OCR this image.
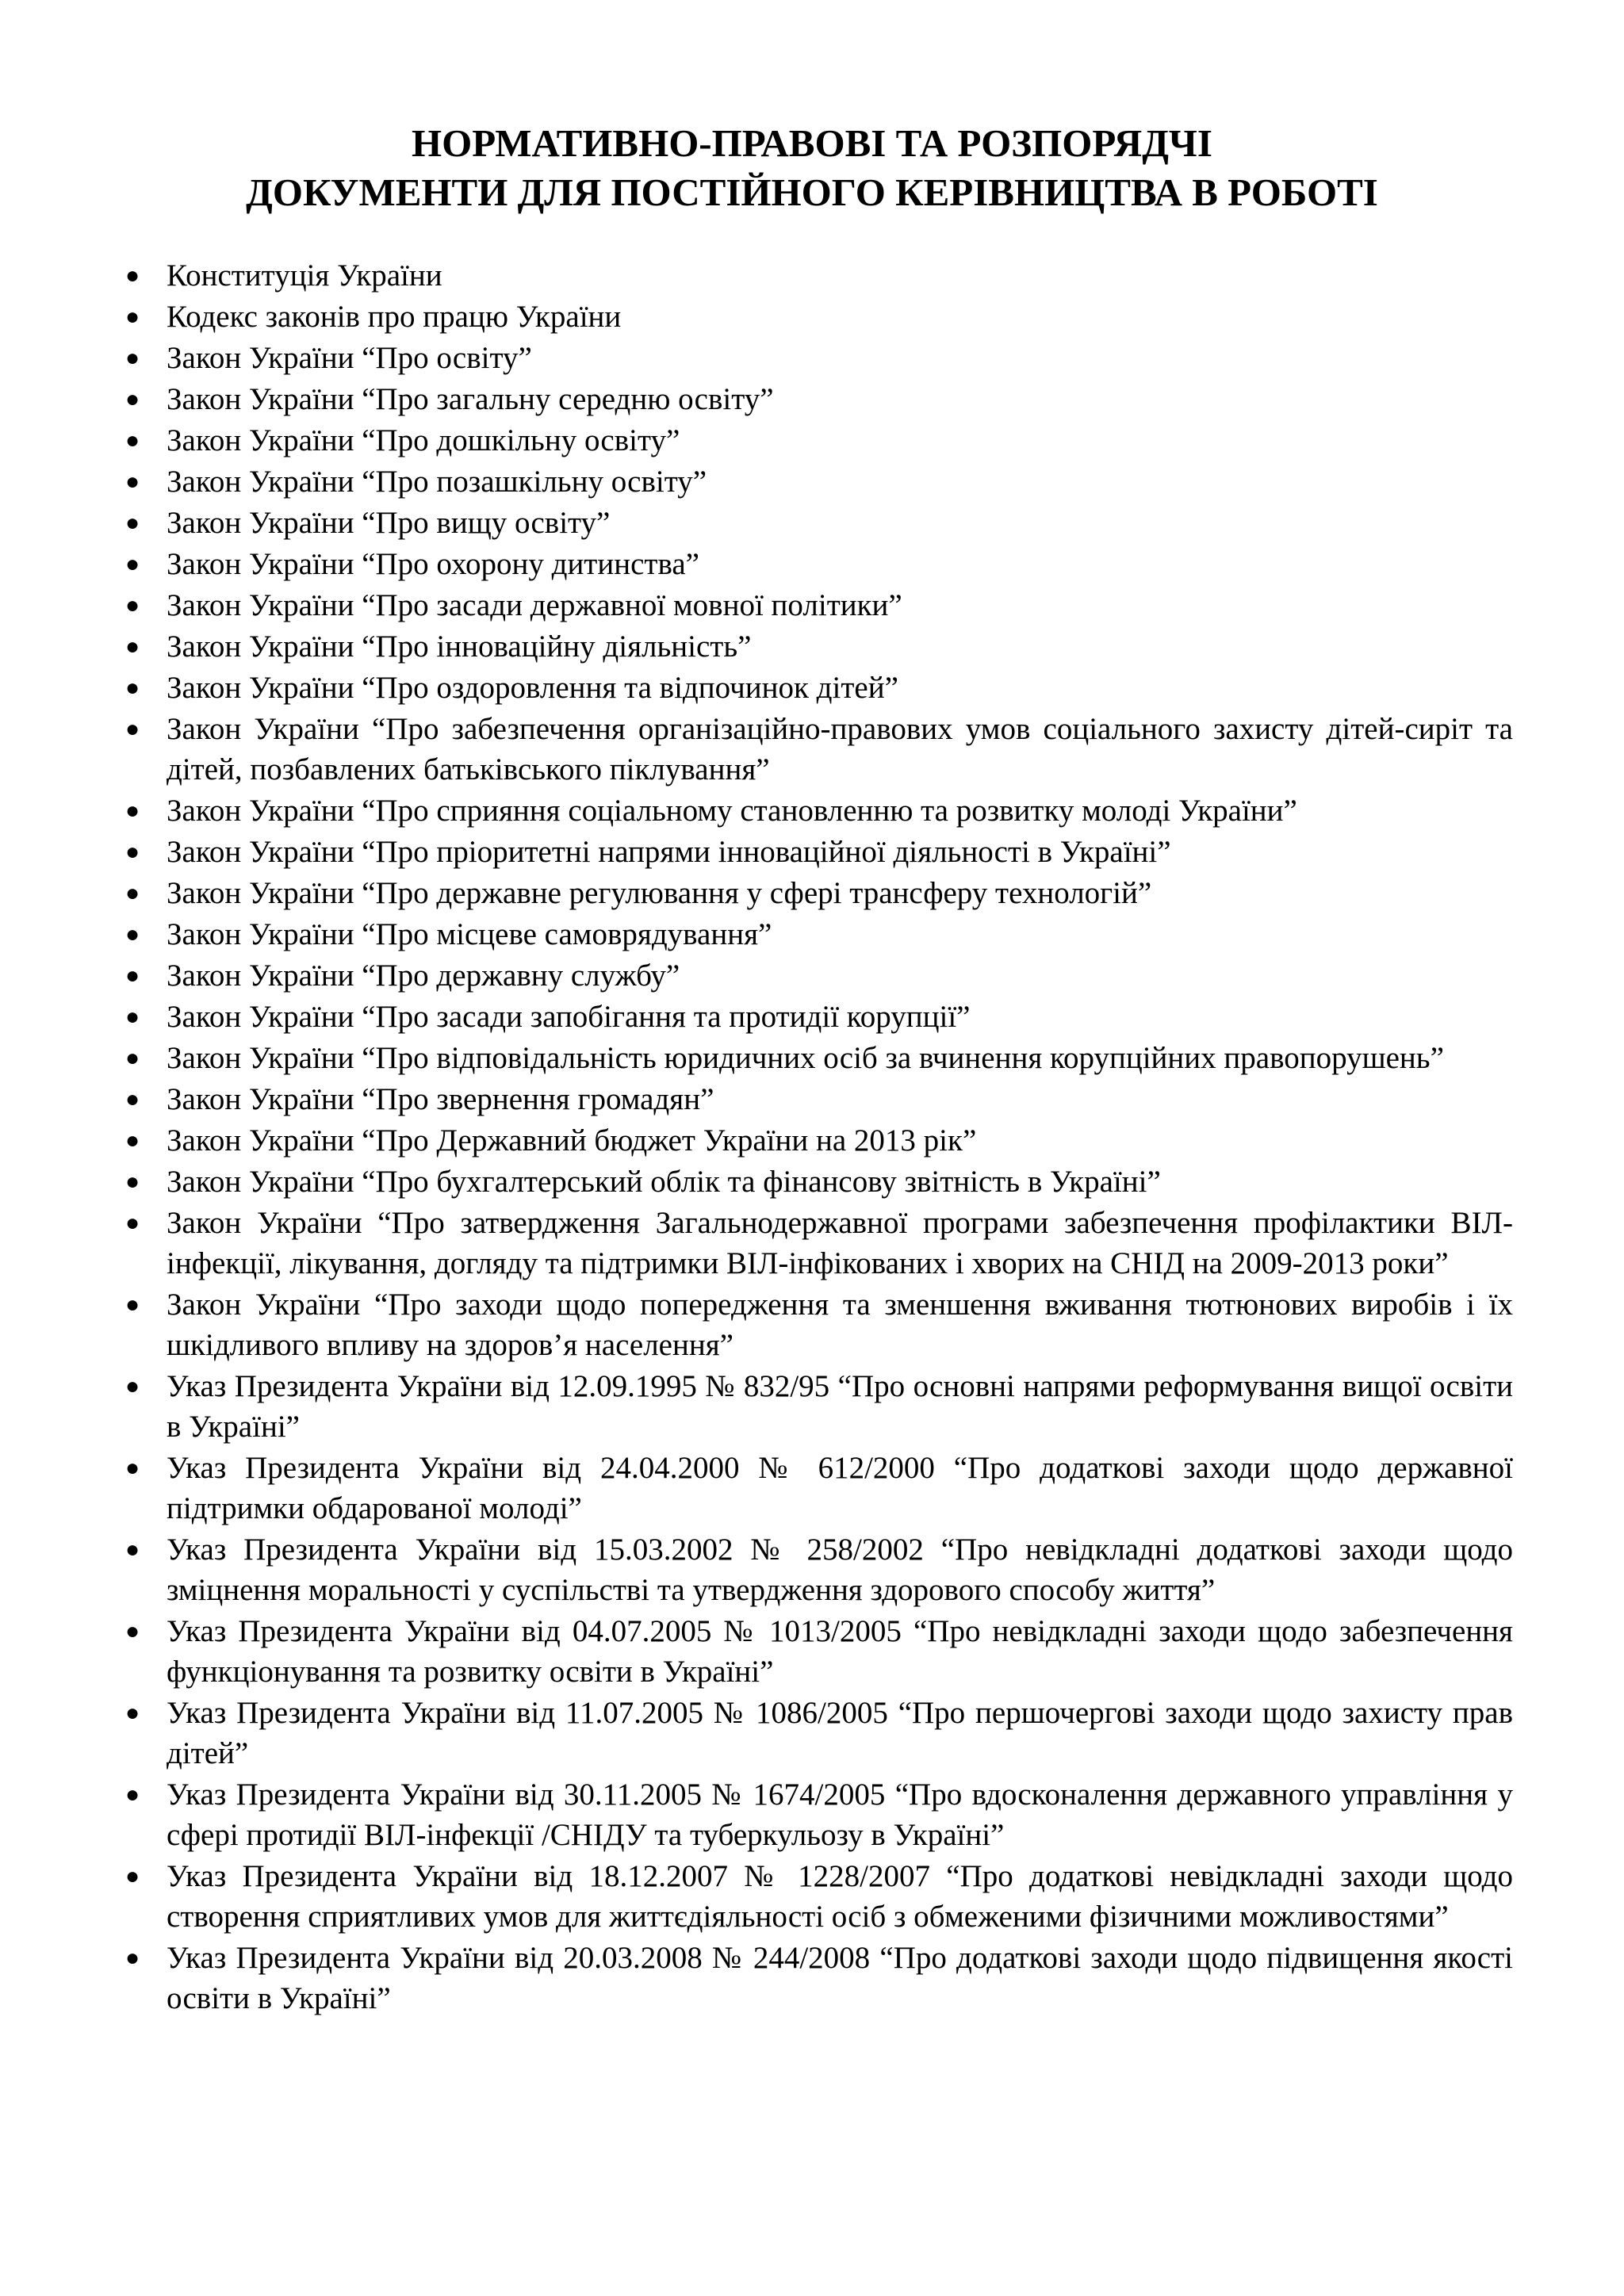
НОРМАТИВНО-ПРАВОВІ ТА РОЗПОРЯДЧІ
ДОКУМЕНТИ ДЛЯ ПОСТІЙНОГО КЕРІВНИЦТВА В РОБОТІ
● Конституція України
● Кодекс законів про працю України
● Закон України “Про освіту”
● Закон України “Про загальну середню освіту”
● Закон України “Про дошкільну освіту”
● Закон України “Про позашкільну освіту”
● Закон України “Про вищу освіту”
● Закон України “Про охорону дитинства”
● Закон України “Про засади державної мовної політики”
● Закон України “Про інноваційну діяльність”
● Закон України “Про оздоровлення та відпочинок дітей”
● Закон України “Про забезпечення організаційно-правових умов соціального захисту дітей-сиріт та дітей, позбавлених батьківського піклування”
● Закон України “Про сприяння соціальному становленню та розвитку молоді України”
● Закон України “Про пріоритетні напрями інноваційної діяльності в Україні”
● Закон України “Про державне регулювання у сфері трансферу технологій”
● Закон України “Про місцеве самоврядування”
● Закон України “Про державну службу”
● Закон України “Про засади запобігання та протидії корупції”
● Закон України “Про відповідальність юридичних осіб за вчинення корупційних правопорушень”
● Закон України “Про звернення громадян”
● Закон України “Про Державний бюджет України на 2013 рік”
● Закон України “Про бухгалтерський облік та фінансову звітність в Україні”
● Закон України “Про затвердження Загальнодержавної програми забезпечення профілактики ВІЛ-інфекції, лікування, догляду та підтримки ВІЛ-інфікованих і хворих на СНІД на 2009-2013 роки”
● Закон України “Про заходи щодо попередження та зменшення вживання тютюнових виробів і їх шкідливого впливу на здоров’я населення”
● Указ Президента України від 12.09.1995 № 832/95 “Про основні напрями реформування вищої освіти в Україні”
● Указ Президента України від 24.04.2000 № 612/2000 “Про додаткові заходи щодо державної підтримки обдарованої молоді”
● Указ Президента України від 15.03.2002 № 258/2002 “Про невідкладні додаткові заходи щодо зміцнення моральності у суспільстві та утвердження здорового способу життя”
● Указ Президента України від 04.07.2005 № 1013/2005 “Про невідкладні заходи щодо забезпечення функціонування та розвитку освіти в Україні”
● Указ Президента України від 11.07.2005 № 1086/2005 “Про першочергові заходи щодо захисту прав дітей”
● Указ Президента України від 30.11.2005 № 1674/2005 “Про вдосконалення державного управління у сфері протидії ВІЛ-інфекції /СНІДУ та туберкульозу в Україні”
● Указ Президента України від 18.12.2007 № 1228/2007 “Про додаткові невідкладні заходи щодо створення сприятливих умов для життєдіяльності осіб з обмеженими фізичними можливостями”
● Указ Президента України від 20.03.2008 № 244/2008 “Про додаткові заходи щодо підвищення якості освіти в Україні”
